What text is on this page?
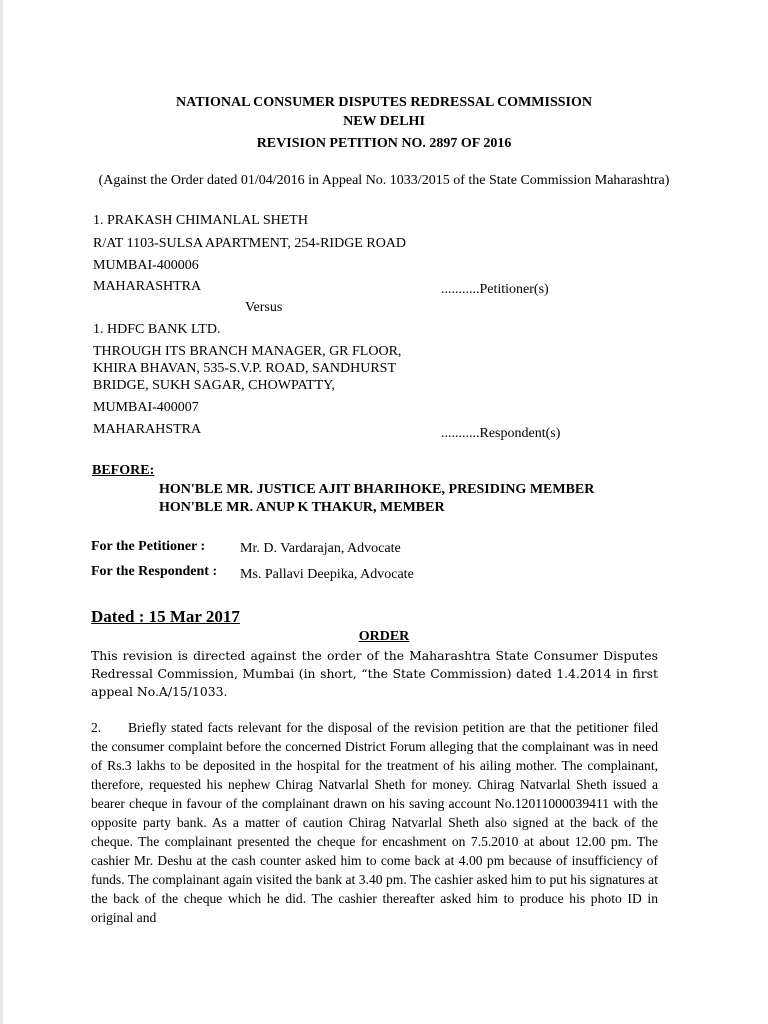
NATIONAL CONSUMER DISPUTES REDRESSAL COMMISSION
NEW DELHI
REVISION PETITION NO. 2897 OF 2016
(Against the Order dated 01/04/2016 in Appeal No. 1033/2015 of the State Commission Maharashtra)
1. PRAKASH CHIMANLAL SHETH
R/AT 1103-SULSA APARTMENT, 254-RIDGE ROAD
MUMBAI-400006
MAHARASHTRA	...........Petitioner(s)
Versus
1. HDFC BANK LTD.
THROUGH ITS BRANCH MANAGER, GR FLOOR,
KHIRA BHAVAN, 535-S.V.P. ROAD, SANDHURST
BRIDGE, SUKH SAGAR, CHOWPATTY,
MUMBAI-400007
MAHARAHSTRA	...........Respondent(s)
BEFORE:
HON'BLE MR. JUSTICE AJIT BHARIHOKE, PRESIDING MEMBER
HON'BLE MR. ANUP K THAKUR, MEMBER
For the Petitioner : Mr. D. Vardarajan, Advocate
For the Respondent : Ms. Pallavi Deepika, Advocate
Dated : 15 Mar 2017
ORDER
This revision is directed against the order of the Maharashtra State Consumer Disputes Redressal Commission, Mumbai (in short, “the State Commission) dated 1.4.2014 in first appeal No.A/15/1033.
2. Briefly stated facts relevant for the disposal of the revision petition are that the petitioner filed the consumer complaint before the concerned District Forum alleging that the complainant was in need of Rs.3 lakhs to be deposited in the hospital for the treatment of his ailing mother. The complainant, therefore, requested his nephew Chirag Natvarlal Sheth for money. Chirag Natvarlal Sheth issued a bearer cheque in favour of the complainant drawn on his saving account No.12011000039411 with the opposite party bank. As a matter of caution Chirag Natvarlal Sheth also signed at the back of the cheque. The complainant presented the cheque for encashment on 7.5.2010 at about 12.00 pm. The cashier Mr. Deshu at the cash counter asked him to come back at 4.00 pm because of insufficiency of funds. The complainant again visited the bank at 3.40 pm. The cashier asked him to put his signatures at the back of the cheque which he did. The cashier thereafter asked him to produce his photo ID in original and
